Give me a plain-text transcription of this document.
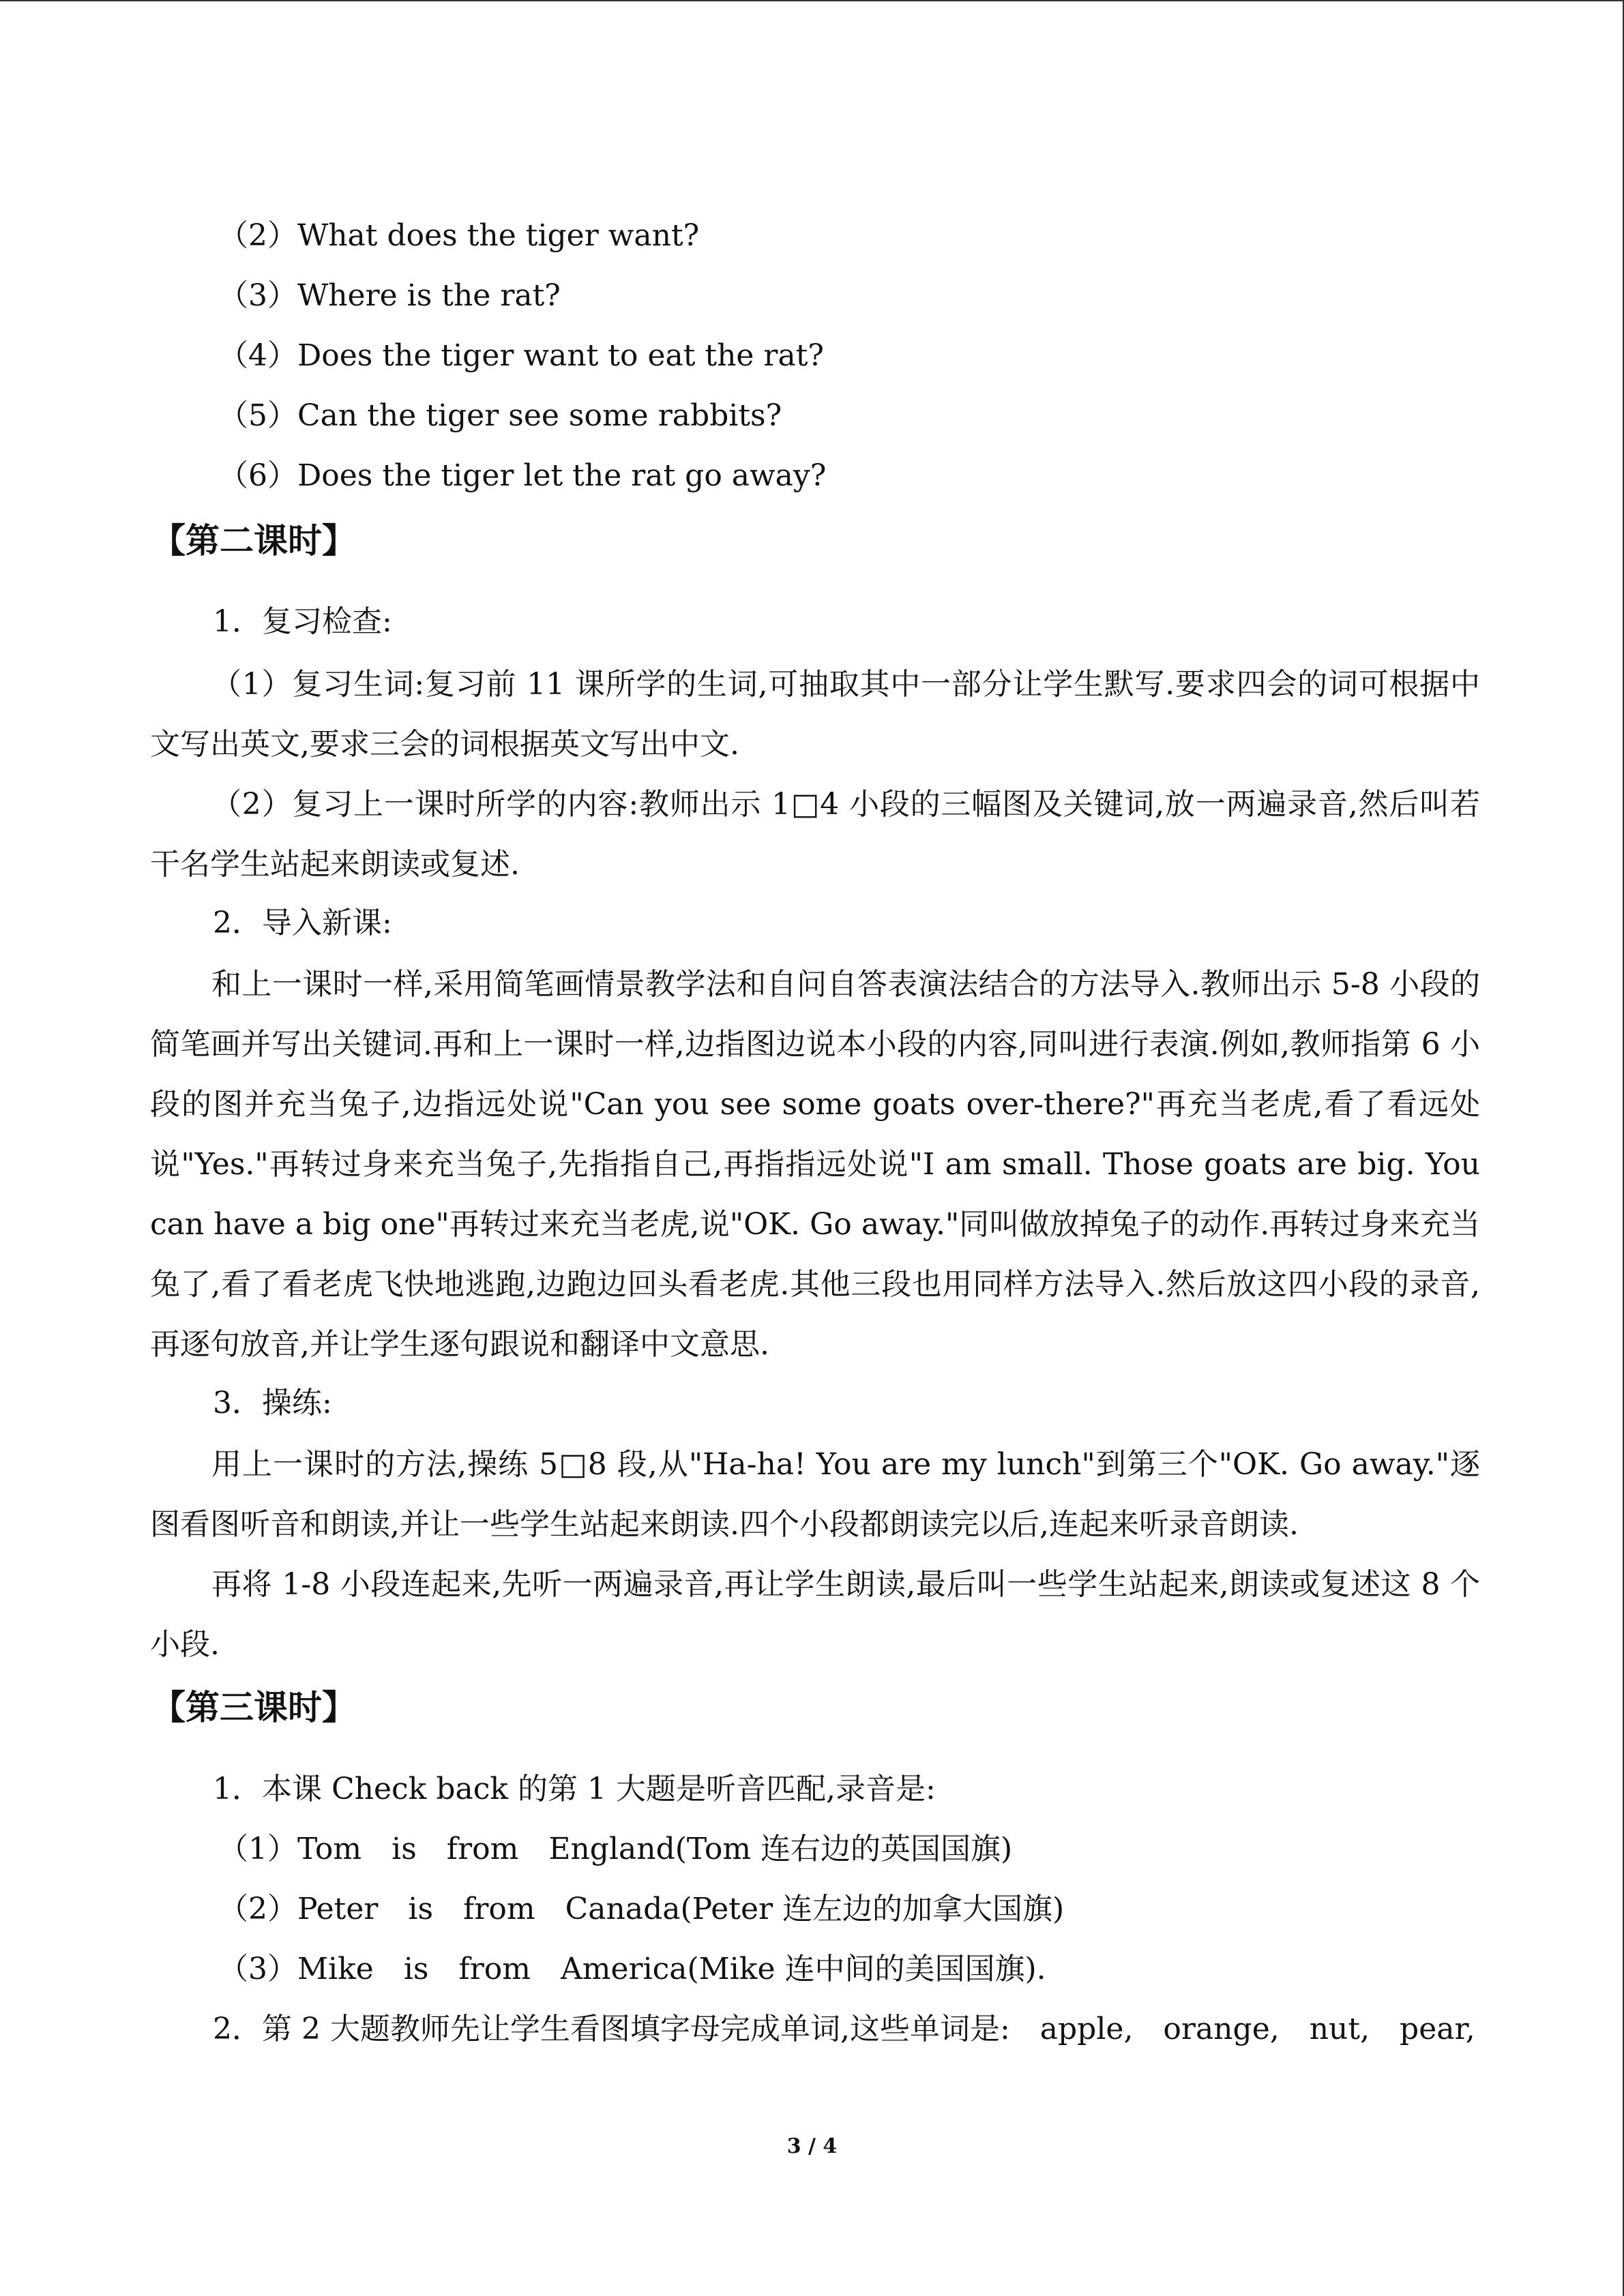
（2）What does the tiger want?
（3）Where is the rat?
（4）Does the tiger want to eat the rat?
（5）Can the tiger see some rabbits?
（6）Does the tiger let the rat go away?
【第二课时】
1．复习检查:
（1）复习生词:复习前 11 课所学的生词,可抽取其中一部分让学生默写.要求四会的词可根据中文写出英文,要求三会的词根据英文写出中文.
（2）复习上一课时所学的内容:教师出示 1□4 小段的三幅图及关键词,放一两遍录音,然后叫若干名学生站起来朗读或复述.
2．导入新课:
和上一课时一样,采用简笔画情景教学法和自问自答表演法结合的方法导入.教师出示 5-8 小段的简笔画并写出关键词.再和上一课时一样,边指图边说本小段的内容,同叫进行表演.例如,教师指第 6 小段的图并充当兔子,边指远处说"Can you see some goats over-there?"再充当老虎,看了看远处说"Yes."再转过身来充当兔子,先指指自己,再指指远处说"I am small. Those goats are big. You can have a big one"再转过来充当老虎,说"OK. Go away."同叫做放掉兔子的动作.再转过身来充当兔了,看了看老虎飞快地逃跑,边跑边回头看老虎.其他三段也用同样方法导入.然后放这四小段的录音,再逐句放音,并让学生逐句跟说和翻译中文意思.
3．操练:
用上一课时的方法,操练 5□8 段,从"Ha-ha! You are my lunch"到第三个"OK. Go away."逐图看图听音和朗读,并让一些学生站起来朗读.四个小段都朗读完以后,连起来听录音朗读.
再将 1-8 小段连起来,先听一两遍录音,再让学生朗读,最后叫一些学生站起来,朗读或复述这 8 个小段.
【第三课时】
1．本课 Check back 的第 1 大题是听音匹配,录音是:
（1）Tom　is　from　England(Tom 连右边的英国国旗)
（2）Peter　is　from　Canada(Peter 连左边的加拿大国旗)
（3）Mike　is　from　America(Mike 连中间的美国国旗).
2．第 2 大题教师先让学生看图填字母完成单词,这些单词是:　apple,　orange,　nut,　pear,
3 / 4
